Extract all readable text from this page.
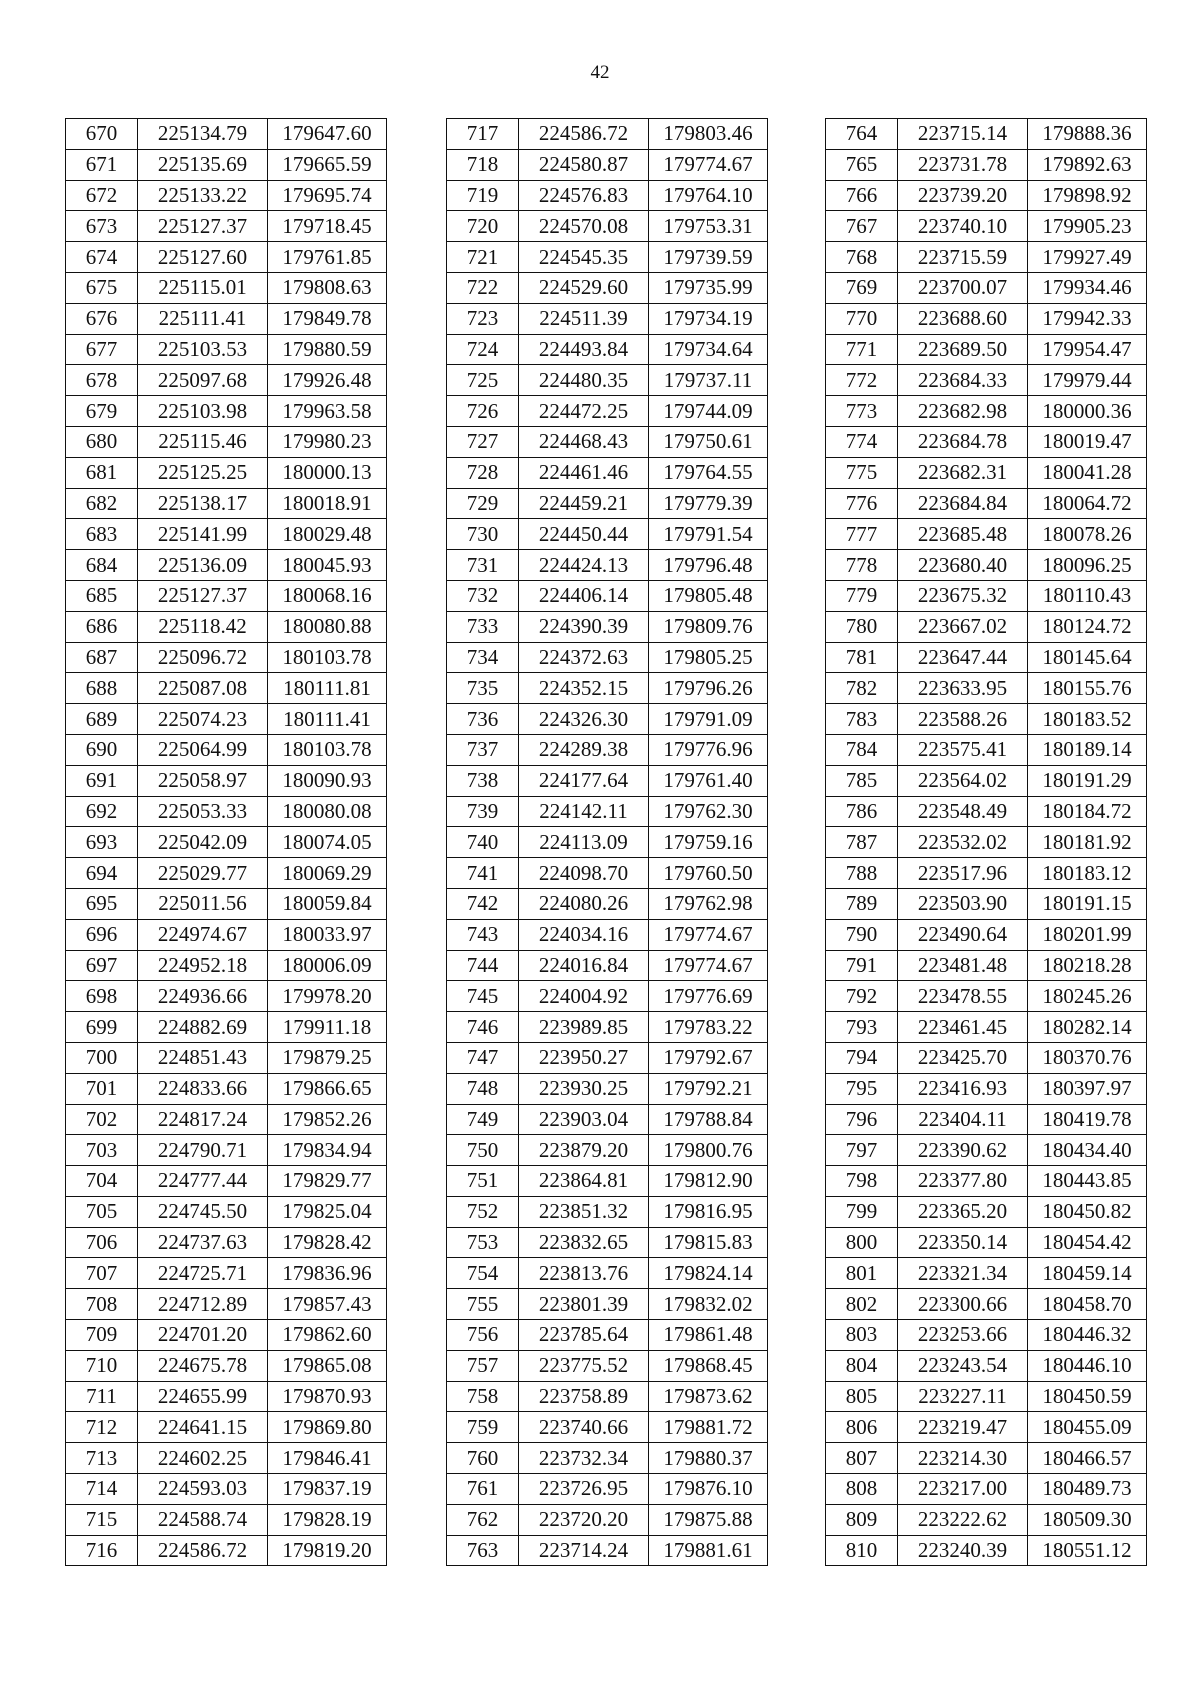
42
670	225134.79	179647.60
671	225135.69	179665.59
672	225133.22	179695.74
673	225127.37	179718.45
674	225127.60	179761.85
675	225115.01	179808.63
676	225111.41	179849.78
677	225103.53	179880.59
678	225097.68	179926.48
679	225103.98	179963.58
680	225115.46	179980.23
681	225125.25	180000.13
682	225138.17	180018.91
683	225141.99	180029.48
684	225136.09	180045.93
685	225127.37	180068.16
686	225118.42	180080.88
687	225096.72	180103.78
688	225087.08	180111.81
689	225074.23	180111.41
690	225064.99	180103.78
691	225058.97	180090.93
692	225053.33	180080.08
693	225042.09	180074.05
694	225029.77	180069.29
695	225011.56	180059.84
696	224974.67	180033.97
697	224952.18	180006.09
698	224936.66	179978.20
699	224882.69	179911.18
700	224851.43	179879.25
701	224833.66	179866.65
702	224817.24	179852.26
703	224790.71	179834.94
704	224777.44	179829.77
705	224745.50	179825.04
706	224737.63	179828.42
707	224725.71	179836.96
708	224712.89	179857.43
709	224701.20	179862.60
710	224675.78	179865.08
711	224655.99	179870.93
712	224641.15	179869.80
713	224602.25	179846.41
714	224593.03	179837.19
715	224588.74	179828.19
716	224586.72	179819.20
717	224586.72	179803.46
718	224580.87	179774.67
719	224576.83	179764.10
720	224570.08	179753.31
721	224545.35	179739.59
722	224529.60	179735.99
723	224511.39	179734.19
724	224493.84	179734.64
725	224480.35	179737.11
726	224472.25	179744.09
727	224468.43	179750.61
728	224461.46	179764.55
729	224459.21	179779.39
730	224450.44	179791.54
731	224424.13	179796.48
732	224406.14	179805.48
733	224390.39	179809.76
734	224372.63	179805.25
735	224352.15	179796.26
736	224326.30	179791.09
737	224289.38	179776.96
738	224177.64	179761.40
739	224142.11	179762.30
740	224113.09	179759.16
741	224098.70	179760.50
742	224080.26	179762.98
743	224034.16	179774.67
744	224016.84	179774.67
745	224004.92	179776.69
746	223989.85	179783.22
747	223950.27	179792.67
748	223930.25	179792.21
749	223903.04	179788.84
750	223879.20	179800.76
751	223864.81	179812.90
752	223851.32	179816.95
753	223832.65	179815.83
754	223813.76	179824.14
755	223801.39	179832.02
756	223785.64	179861.48
757	223775.52	179868.45
758	223758.89	179873.62
759	223740.66	179881.72
760	223732.34	179880.37
761	223726.95	179876.10
762	223720.20	179875.88
763	223714.24	179881.61
764	223715.14	179888.36
765	223731.78	179892.63
766	223739.20	179898.92
767	223740.10	179905.23
768	223715.59	179927.49
769	223700.07	179934.46
770	223688.60	179942.33
771	223689.50	179954.47
772	223684.33	179979.44
773	223682.98	180000.36
774	223684.78	180019.47
775	223682.31	180041.28
776	223684.84	180064.72
777	223685.48	180078.26
778	223680.40	180096.25
779	223675.32	180110.43
780	223667.02	180124.72
781	223647.44	180145.64
782	223633.95	180155.76
783	223588.26	180183.52
784	223575.41	180189.14
785	223564.02	180191.29
786	223548.49	180184.72
787	223532.02	180181.92
788	223517.96	180183.12
789	223503.90	180191.15
790	223490.64	180201.99
791	223481.48	180218.28
792	223478.55	180245.26
793	223461.45	180282.14
794	223425.70	180370.76
795	223416.93	180397.97
796	223404.11	180419.78
797	223390.62	180434.40
798	223377.80	180443.85
799	223365.20	180450.82
800	223350.14	180454.42
801	223321.34	180459.14
802	223300.66	180458.70
803	223253.66	180446.32
804	223243.54	180446.10
805	223227.11	180450.59
806	223219.47	180455.09
807	223214.30	180466.57
808	223217.00	180489.73
809	223222.62	180509.30
810	223240.39	180551.12
